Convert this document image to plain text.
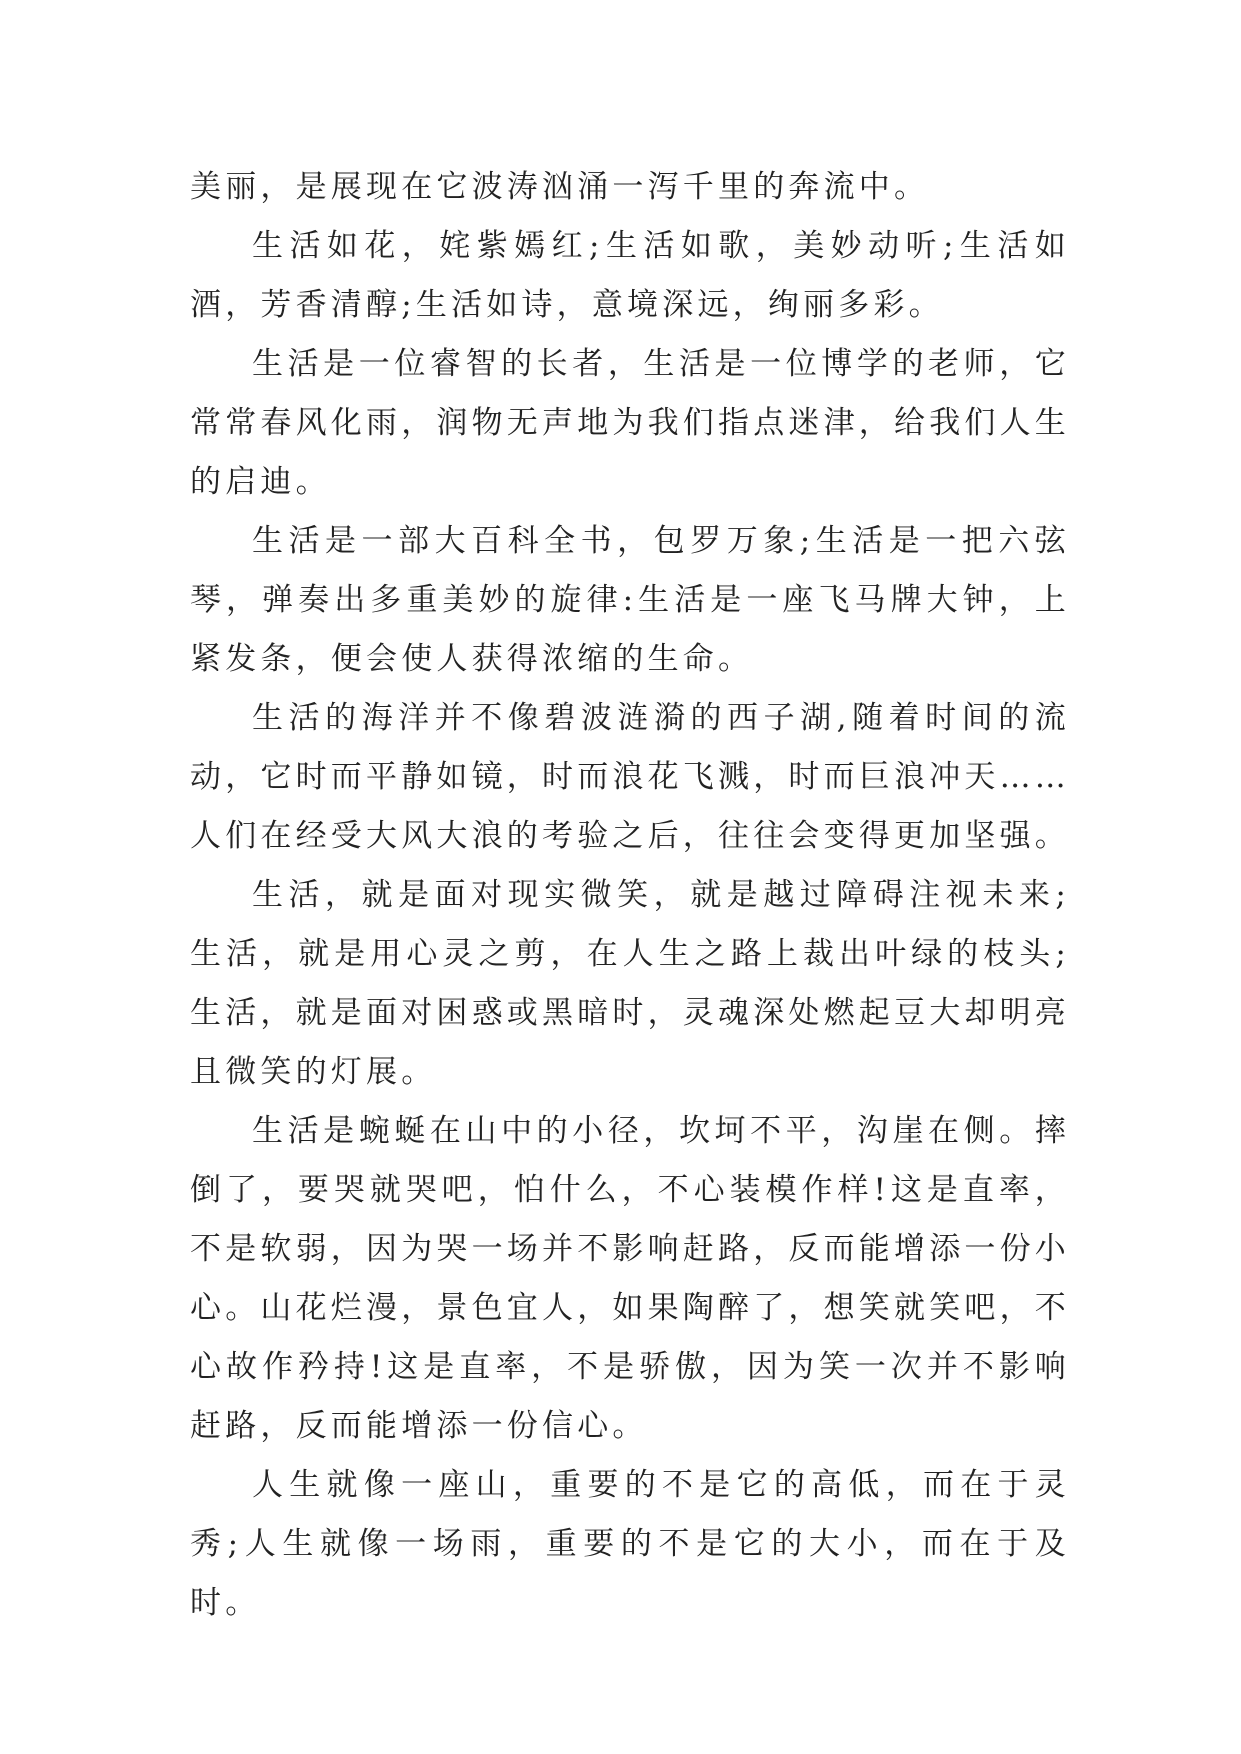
美丽，是展现在它波涛汹涌一泻千里的奔流中。

生活如花，姹紫嫣红;生活如歌，美妙动听;生活如酒，芳香清醇;生活如诗，意境深远，绚丽多彩。

生活是一位睿智的长者，生活是一位博学的老师，它常常春风化雨，润物无声地为我们指点迷津，给我们人生的启迪。

生活是一部大百科全书，包罗万象;生活是一把六弦琴，弹奏出多重美妙的旋律:生活是一座飞马牌大钟，上紧发条，便会使人获得浓缩的生命。

生活的海洋并不像碧波涟漪的西子湖,随着时间的流动，它时而平静如镜，时而浪花飞溅，时而巨浪冲天……人们在经受大风大浪的考验之后，往往会变得更加坚强。

生活，就是面对现实微笑，就是越过障碍注视未来;生活，就是用心灵之剪，在人生之路上裁出叶绿的枝头;生活，就是面对困惑或黑暗时，灵魂深处燃起豆大却明亮且微笑的灯展。

生活是蜿蜒在山中的小径，坎坷不平，沟崖在侧。摔倒了，要哭就哭吧，怕什么，不心装模作样!这是直率，不是软弱，因为哭一场并不影响赶路，反而能增添一份小心。山花烂漫，景色宜人，如果陶醉了，想笑就笑吧，不心故作矜持!这是直率，不是骄傲，因为笑一次并不影响赶路，反而能增添一份信心。

人生就像一座山，重要的不是它的高低，而在于灵秀;人生就像一场雨，重要的不是它的大小，而在于及时。
